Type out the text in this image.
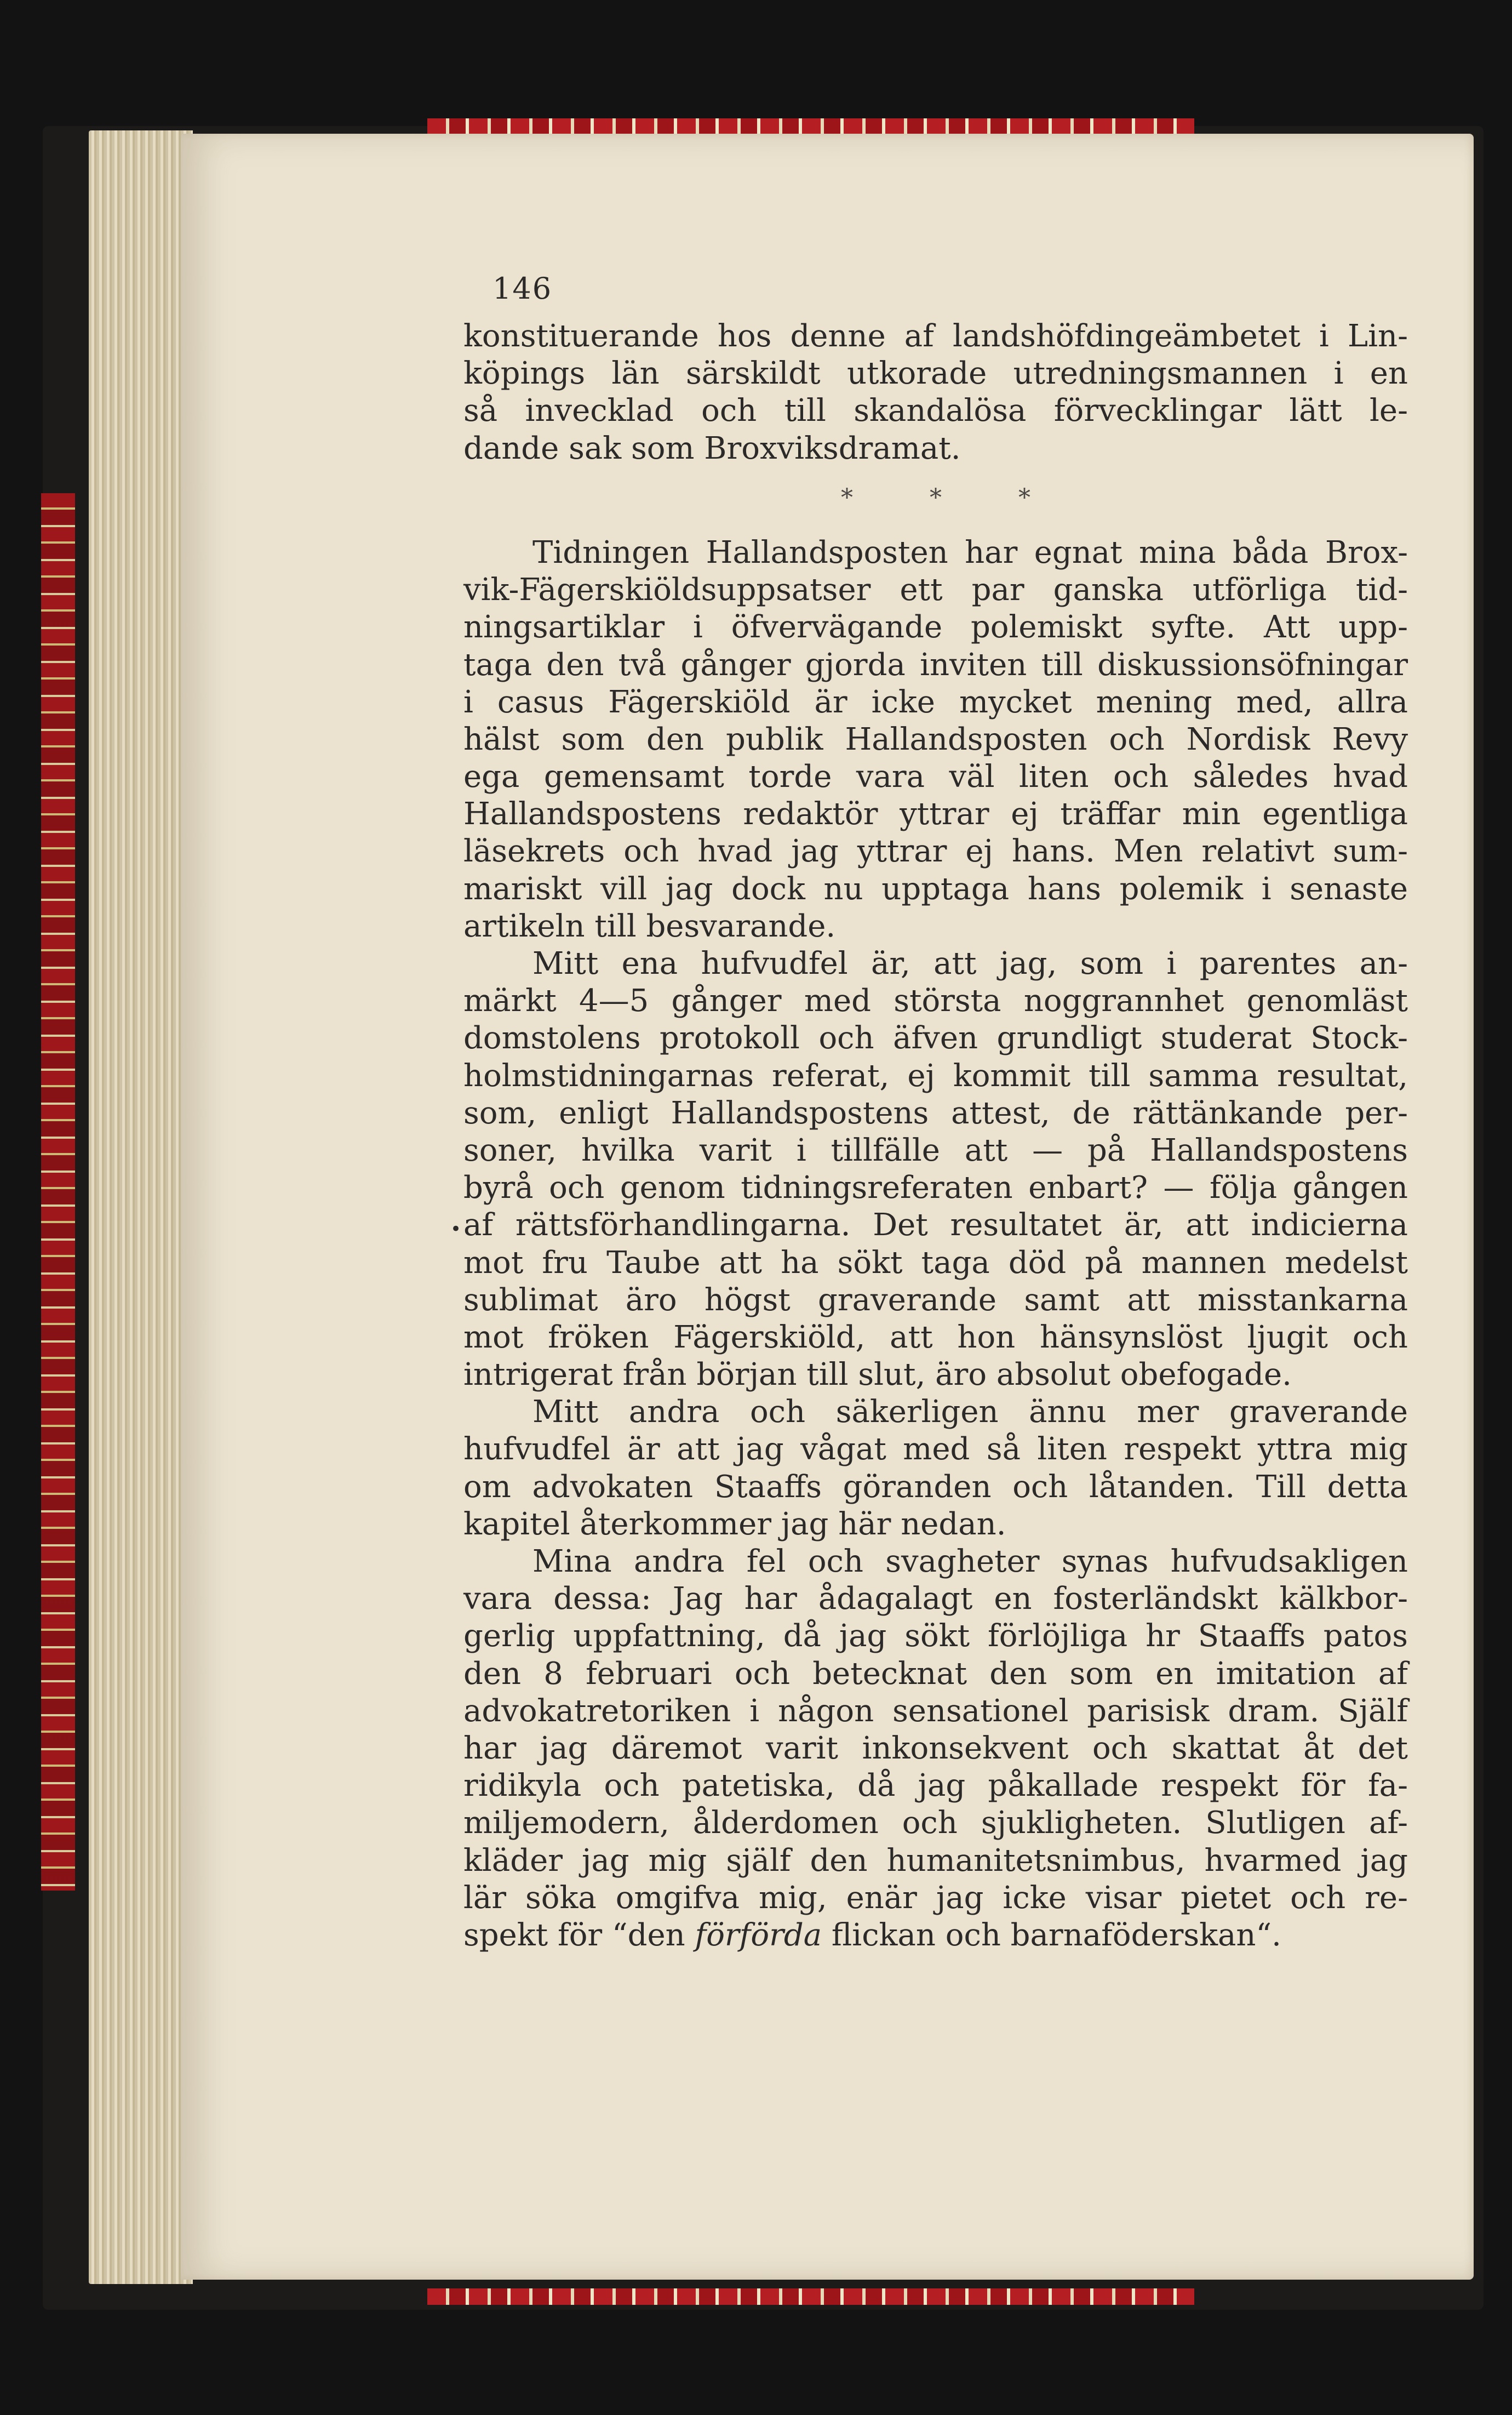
146
•
konstituerande hos denne af landshöfdingeämbetet i Lin-
köpings län särskildt utkorade utredningsmannen i en
så invecklad och till skandalösa förvecklingar lätt le-
dande sak som Broxviksdramat.
*	*	*
Tidningen Hallandsposten har egnat mina båda Brox-
vik-Fägerskiöldsuppsatser ett par ganska utförliga tid-
ningsartiklar i öfvervägande polemiskt syfte. Att upp-
taga den två gånger gjorda inviten till diskussionsöfningar
i casus Fägerskiöld är icke mycket mening med, allra
hälst som den publik Hallandsposten och Nordisk Revy
ega gemensamt torde vara väl liten och således hvad
Hallandspostens redaktör yttrar ej träffar min egentliga
läsekrets och hvad jag yttrar ej hans. Men relativt sum-
mariskt vill jag dock nu upptaga hans polemik i senaste
artikeln till besvarande.
Mitt ena hufvudfel är, att jag, som i parentes an-
märkt 4—5 gånger med största noggrannhet genomläst
domstolens protokoll och äfven grundligt studerat Stock-
holmstidningarnas referat, ej kommit till samma resultat,
som, enligt Hallandspostens attest, de rättänkande per-
soner, hvilka varit i tillfälle att — på Hallandspostens
byrå och genom tidningsreferaten enbart? — följa gången
af rättsförhandlingarna. Det resultatet är, att indicierna
mot fru Taube att ha sökt taga död på mannen medelst
sublimat äro högst graverande samt att misstankarna
mot fröken Fägerskiöld, att hon hänsynslöst ljugit och
intrigerat från början till slut, äro absolut obefogade.
Mitt andra och säkerligen ännu mer graverande
hufvudfel är att jag vågat med så liten respekt yttra mig
om advokaten Staaffs göranden och låtanden. Till detta
kapitel återkommer jag här nedan.
Mina andra fel och svagheter synas hufvudsakligen
vara dessa: Jag har ådagalagt en fosterländskt kälkbor-
gerlig uppfattning, då jag sökt förlöjliga hr Staaffs patos
den 8 februari och betecknat den som en imitation af
advokatretoriken i någon sensationel parisisk dram. Själf
har jag däremot varit inkonsekvent och skattat åt det
ridikyla och patetiska, då jag påkallade respekt för fa-
miljemodern, ålderdomen och sjukligheten. Slutligen af-
kläder jag mig själf den humanitetsnimbus, hvarmed jag
lär söka omgifva mig, enär jag icke visar pietet och re-
spekt för “den förförda flickan och barnaföderskan“.
